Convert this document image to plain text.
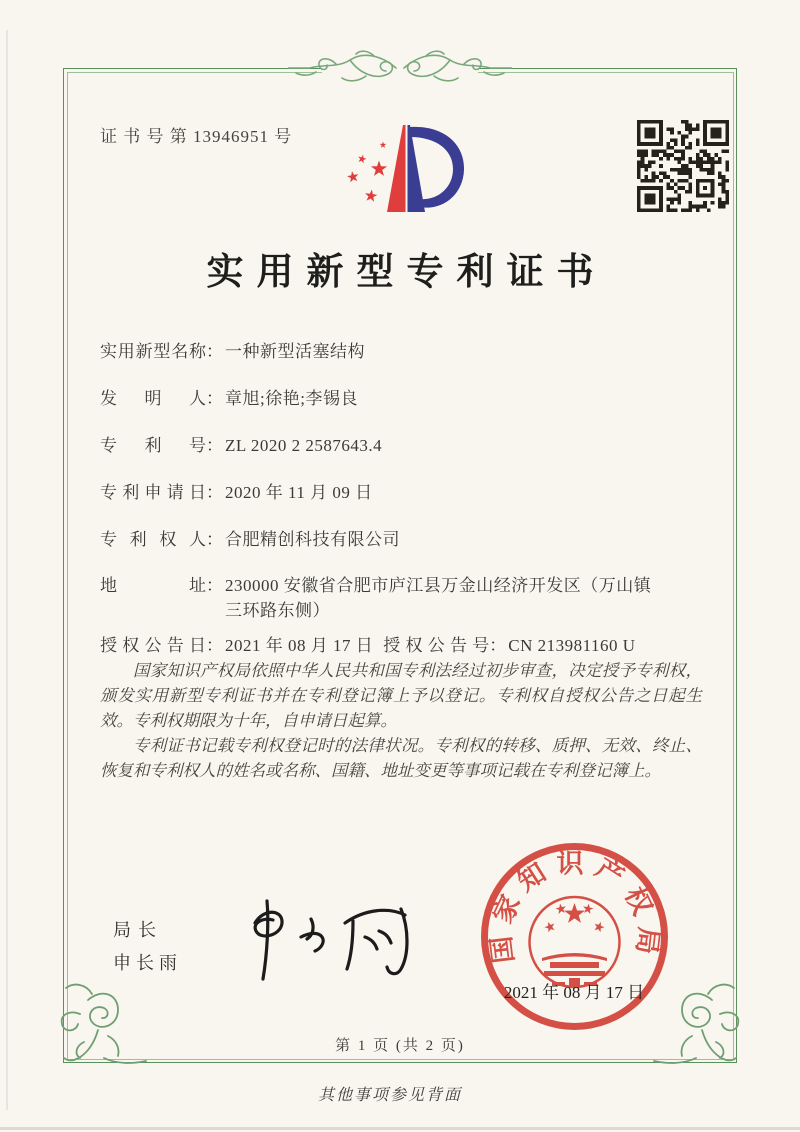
证 书 号 第 13946951 号
实用新型专利证书
实用新型名称： 一种新型活塞结构
发明人： 章旭;徐艳;李锡良
专利号： ZL 2020 2 2587643.4
专利申请日： 2020 年 11 月 09 日
专利权人： 合肥精创科技有限公司
地址： 230000 安徽省合肥市庐江县万金山经济开发区（万山镇三环路东侧）
授权公告日： 2021 年 08 月 17 日 授权公告号： CN 213981160 U

国家知识产权局依照中华人民共和国专利法经过初步审查，决定授予专利权，颁发实用新型专利证书并在专利登记簿上予以登记。专利权自授权公告之日起生效。专利权期限为十年，自申请日起算。

专利证书记载专利权登记时的法律状况。专利权的转移、质押、无效、终止、恢复和专利权人的姓名或名称、国籍、地址变更等事项记载在专利登记簿上。

局长
申长雨	国家知识产权局
2021 年 08 月 17 日
第 1 页 (共 2 页)
其他事项参见背面
